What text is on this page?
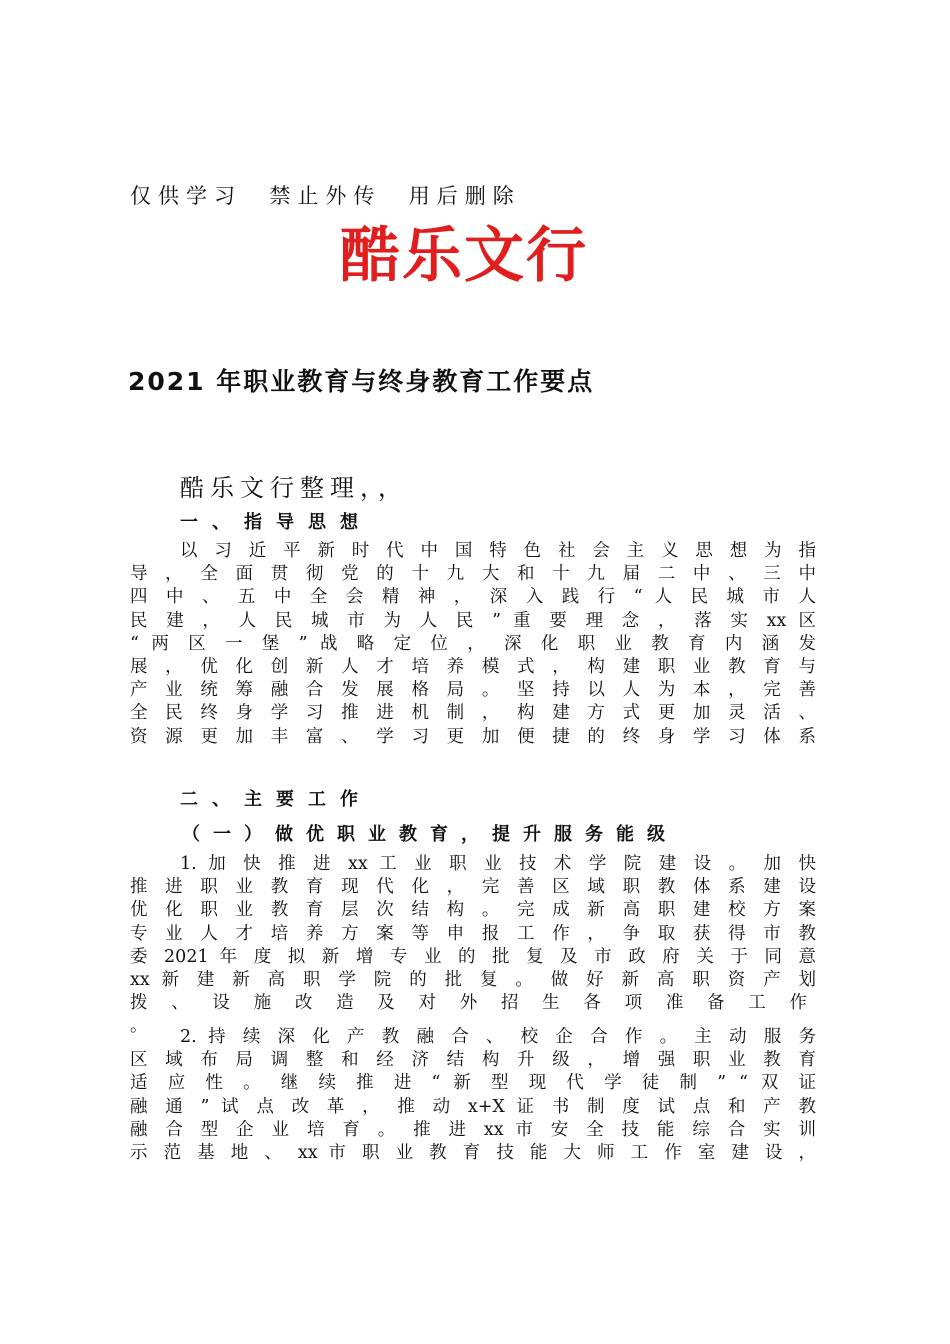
仅供学习  禁止外传  用后删除
酷乐文行
2021 年职业教育与终身教育工作要点
酷乐文行整理，，
一、指导思想
以 习 近 平 新 时 代 中 国 特 色 社 会 主 义 思 想 为 指
导 ， 全 面 贯 彻 党 的 十 九 大 和 十 九 届 二 中 、 三 中
四 中 、 五 中 全 会 精 神 ， 深 入 践 行 “ 人 民 城 市 人
民 建 ， 人 民 城 市 为 人 民 ” 重 要 理 念 ， 落 实 xx 区
“ 两 区 一 堡 ” 战 略 定 位 ， 深 化 职 业 教 育 内 涵 发
展 ， 优 化 创 新 人 才 培 养 模 式 ， 构 建 职 业 教 育 与
产 业 统 筹 融 合 发 展 格 局 。 坚 持 以 人 为 本 ， 完 善
全 民 终 身 学 习 推 进 机 制 ， 构 建 方 式 更 加 灵 活 、
资 源 更 加 丰 富 、 学 习 更 加 便 捷 的 终 身 学 习 体 系
二、主要工作
（一）做优职业教育，提升服务能级
1. 加 快 推 进 xx 工 业 职 业 技 术 学 院 建 设 。 加 快
推 进 职 业 教 育 现 代 化 ， 完 善 区 域 职 教 体 系 建 设
优 化 职 业 教 育 层 次 结 构 。 完 成 新 高 职 建 校 方 案
专 业 人 才 培 养 方 案 等 申 报 工 作 ， 争 取 获 得 市 教
委 2021 年 度 拟 新 增 专 业 的 批 复 及 市 政 府 关 于 同 意
xx 新 建 新 高 职 学 院 的 批 复 。 做 好 新 高 职 资 产 划
拨 、 设 施 改 造 及 对 外 招 生 各 项 准 备 工 作 。
2. 持 续 深 化 产 教 融 合 、 校 企 合 作 。 主 动 服 务
区 域 布 局 调 整 和 经 济 结 构 升 级 ， 增 强 职 业 教 育
适 应 性 。 继 续 推 进 “ 新 型 现 代 学 徒 制 ” “ 双 证
融 通 ” 试 点 改 革 ， 推 动 x+X 证 书 制 度 试 点 和 产 教
融 合 型 企 业 培 育 。 推 进 xx 市 安 全 技 能 综 合 实 训
示 范 基 地 、 xx 市 职 业 教 育 技 能 大 师 工 作 室 建 设 ，
